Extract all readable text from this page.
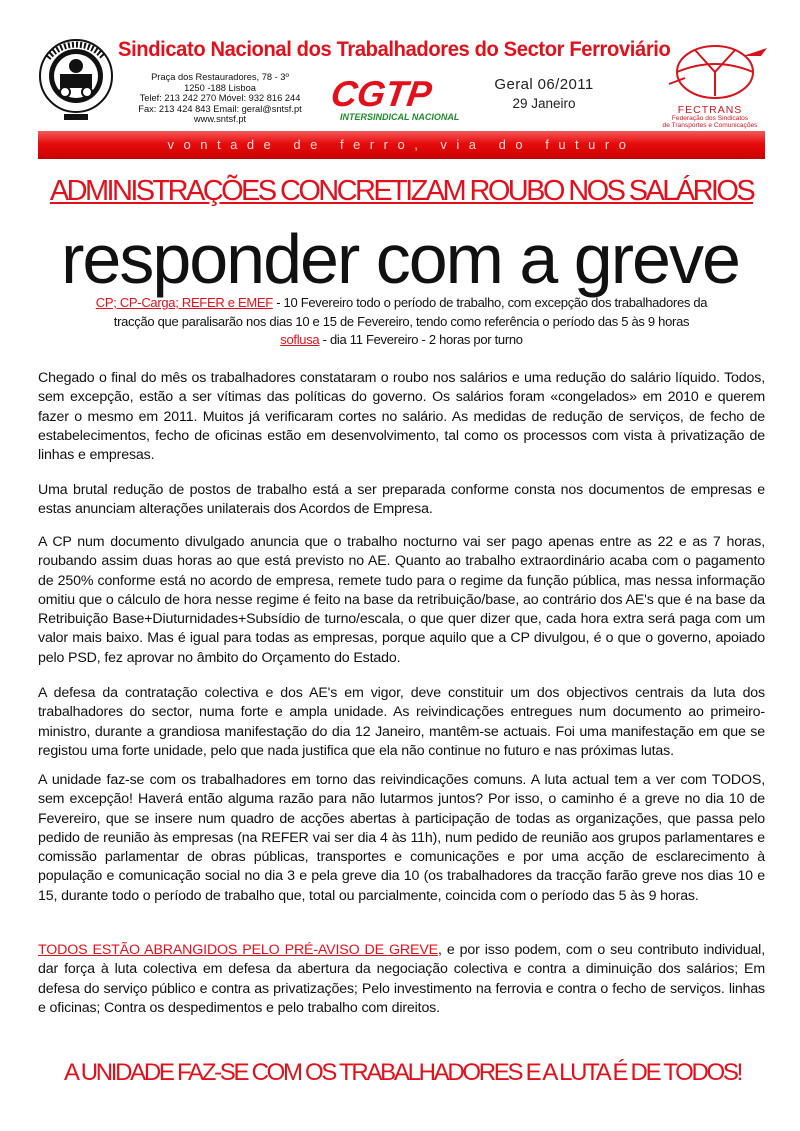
Sindicato Nacional dos Trabalhadores do Sector Ferroviário
Praça dos Restauradores, 78 - 3º
1250 -188 Lisboa
Telef: 213 242 270 Móvel: 932 816 244
Fax: 213 424 843 Email: geral@sntsf.pt
www.sntsf.pt
CGTP
INTERSINDICAL NACIONAL
Geral 06/2011
29 Janeiro	FECTRANS
Federação dos Sindicatos
de Transportes e Comunicações
vontade de ferro, via do futuro
ADMINISTRAÇÕES CONCRETIZAM ROUBO NOS SALÁRIOS
responder com a greve
CP; CP-Carga; REFER e EMEF - 10 Fevereiro todo o período de trabalho, com excepção dos trabalhadores da
tracção que paralisarão nos dias 10 e 15 de Fevereiro, tendo como referência o período das 5 às 9 horas
soflusa - dia 11 Fevereiro - 2 horas por turno
Chegado o final do mês os trabalhadores constataram o roubo nos salários e uma redução do salário líquido. Todos, sem excepção, estão a ser vítimas das políticas do governo. Os salários foram «congelados» em 2010 e querem fazer o mesmo em 2011. Muitos já verificaram cortes no salário. As medidas de redução de serviços, de fecho de estabelecimentos, fecho de oficinas estão em desenvolvimento, tal como os processos com vista à privatização de linhas e empresas.
Uma brutal redução de postos de trabalho está a ser preparada conforme consta nos documentos de empresas e estas anunciam alterações unilaterais dos Acordos de Empresa.
A CP num documento divulgado anuncia que o trabalho nocturno vai ser pago apenas entre as 22 e as 7 horas, roubando assim duas horas ao que está previsto no AE. Quanto ao trabalho extraordinário acaba com o pagamento de 250% conforme está no acordo de empresa, remete tudo para o regime da função pública, mas nessa informação omitiu que o cálculo de hora nesse regime é feito na base da retribuição/base, ao contrário dos AE's que é na base da Retribuição Base+Diuturnidades+Subsídio de turno/escala, o que quer dizer que, cada hora extra será paga com um valor mais baixo. Mas é igual para todas as empresas, porque aquilo que a CP divulgou, é o que o governo, apoiado pelo PSD, fez aprovar no âmbito do Orçamento do Estado.
A defesa da contratação colectiva e dos AE's em vigor, deve constituir um dos objectivos centrais da luta dos trabalhadores do sector, numa forte e ampla unidade. As reivindicações entregues num documento ao primeiro-ministro, durante a grandiosa manifestação do dia 12 Janeiro, mantêm-se actuais. Foi uma manifestação em que se registou uma forte unidade, pelo que nada justifica que ela não continue no futuro e nas próximas lutas.
A unidade faz-se com os trabalhadores em torno das reivindicações comuns. A luta actual tem a ver com TODOS, sem excepção! Haverá então alguma razão para não lutarmos juntos? Por isso, o caminho é a greve no dia 10 de Fevereiro, que se insere num quadro de acções abertas à participação de todas as organizações, que passa pelo pedido de reunião às empresas (na REFER vai ser dia 4 às 11h), num pedido de reunião aos grupos parlamentares e comissão parlamentar de obras públicas, transportes e comunicações e por uma acção de esclarecimento à população e comunicação social no dia 3 e pela greve dia 10 (os trabalhadores da tracção farão greve nos dias 10 e 15, durante todo o período de trabalho que, total ou parcialmente, coincida com o período das 5 às 9 horas.
TODOS ESTÃO ABRANGIDOS PELO PRÉ-AVISO DE GREVE, e por isso podem, com o seu contributo individual, dar força à luta colectiva em defesa da abertura da negociação colectiva e contra a diminuição dos salários; Em defesa do serviço público e contra as privatizações; Pelo investimento na ferrovia e contra o fecho de serviços. linhas e oficinas; Contra os despedimentos e pelo trabalho com direitos.
A UNIDADE FAZ-SE COM OS TRABALHADORES E A LUTA É DE TODOS!
